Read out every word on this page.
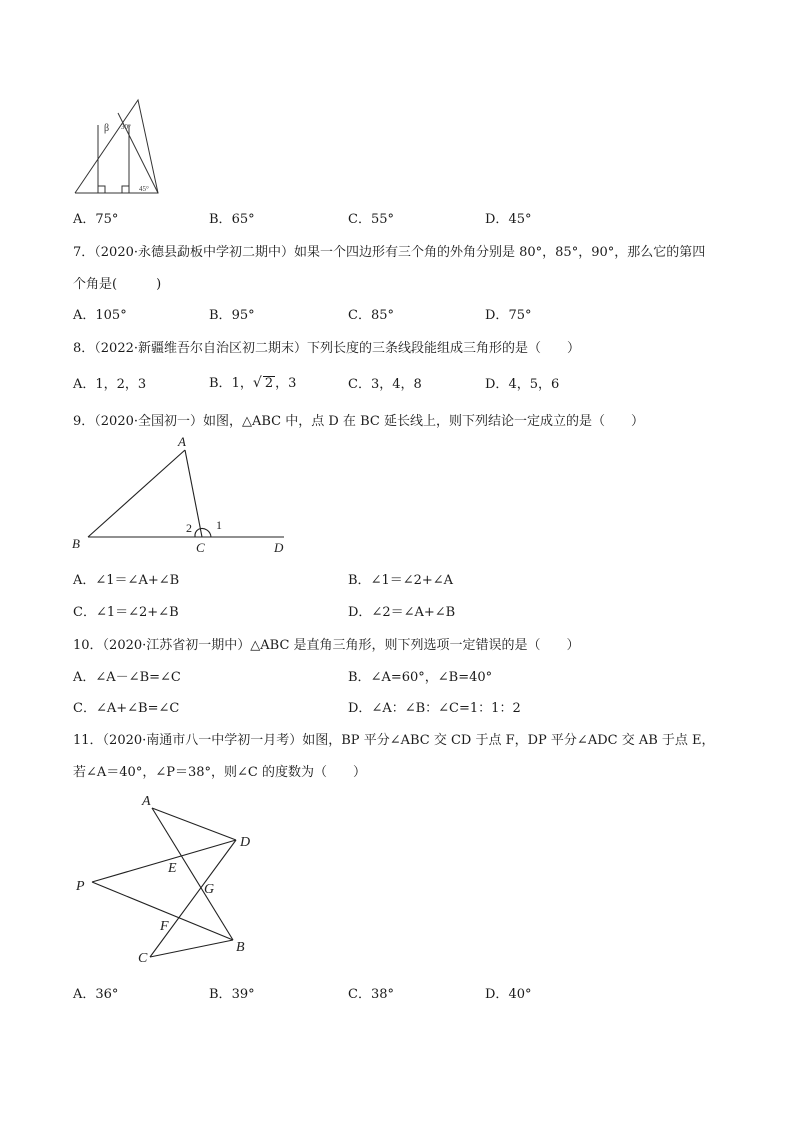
β 30°
45°
A．75°	B．65°	C．55°	D．45°
7．（2020·永德县勐板中学初二期中）如果一个四边形有三个角的外角分别是 80°，85°，90°，那么它的第四
个角是(　　　)
A．105°	B．95°	C．85°	D．75°
8．（2022·新疆维吾尔自治区初二期末）下列长度的三条线段能组成三角形的是（　　）
A．1，2，3	B．1， √ 2 ，3	C．3，4，8	D．4，5，6
9．（2020·全国初一）如图，△ABC 中，点 D 在 BC 延长线上，则下列结论一定成立的是（　　）
A
B	C	D
1
2
A．∠1＝∠A+∠B	B．∠1＝∠2+∠A
C．∠1＝∠2+∠B	D．∠2＝∠A+∠B
10．（2020·江苏省初一期中）△ABC 是直角三角形，则下列选项一定错误的是（　　）
A．∠A－∠B=∠C	B．∠A=60°，∠B=40°
C．∠A+∠B=∠C	D．∠A：∠B：∠C=1：1：2
11．（2020·南通市八一中学初一月考）如图，BP 平分∠ABC 交 CD 于点 F，DP 平分∠ADC 交 AB 于点 E，
若∠A＝40°，∠P＝38°，则∠C 的度数为（　　）
A
D
E
G
P
F
C
B
A．36°	B．39°	C．38°	D．40°
